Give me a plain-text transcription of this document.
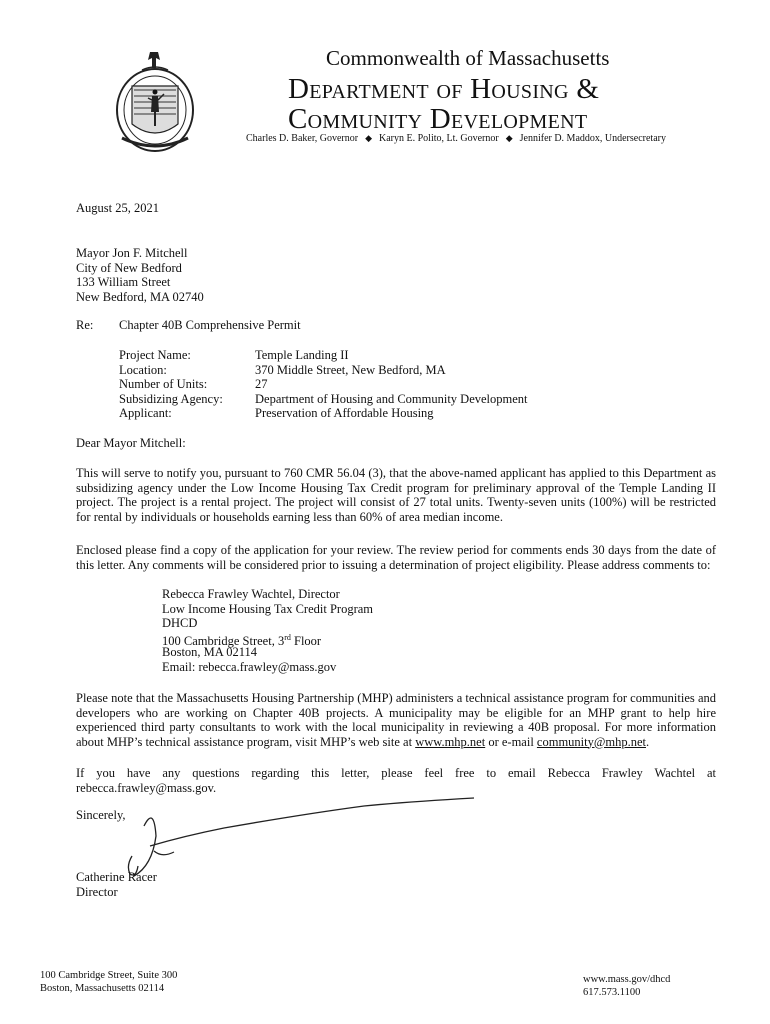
Commonwealth of Massachusetts
Department of Housing &
Community Development
Charles D. Baker, Governor ◆ Karyn E. Polito, Lt. Governor ◆ Jennifer D. Maddox, Undersecretary
August 25, 2021
Mayor Jon F. Mitchell
City of New Bedford
133 William Street
New Bedford, MA 02740
Re: Chapter 40B Comprehensive Permit
Project Name:	Temple Landing II
Location:	370 Middle Street, New Bedford, MA
Number of Units:	27
Subsidizing Agency:	Department of Housing and Community Development
Applicant:	Preservation of Affordable Housing
Dear Mayor Mitchell:
This will serve to notify you, pursuant to 760 CMR 56.04 (3), that the above-named applicant has applied to this Department as subsidizing agency under the Low Income Housing Tax Credit program for preliminary approval of the Temple Landing II project. The project is a rental project. The project will consist of 27 total units. Twenty-seven units (100%) will be restricted for rental by individuals or households earning less than 60% of area median income.
Enclosed please find a copy of the application for your review. The review period for comments ends 30 days from the date of this letter. Any comments will be considered prior to issuing a determination of project eligibility. Please address comments to:
Rebecca Frawley Wachtel, Director
Low Income Housing Tax Credit Program
DHCD
100 Cambridge Street, 3rd Floor
Boston, MA 02114
Email: rebecca.frawley@mass.gov
Please note that the Massachusetts Housing Partnership (MHP) administers a technical assistance program for communities and developers who are working on Chapter 40B projects. A municipality may be eligible for an MHP grant to help hire experienced third party consultants to work with the local municipality in reviewing a 40B proposal. For more information about MHP’s technical assistance program, visit MHP’s web site at www.mhp.net or e-mail community@mhp.net.
If you have any questions regarding this letter, please feel free to email Rebecca Frawley Wachtel at rebecca.frawley@mass.gov.
Sincerely,
Catherine Racer
Director
100 Cambridge Street, Suite 300
Boston, Massachusetts 02114
www.mass.gov/dhcd
617.573.1100
